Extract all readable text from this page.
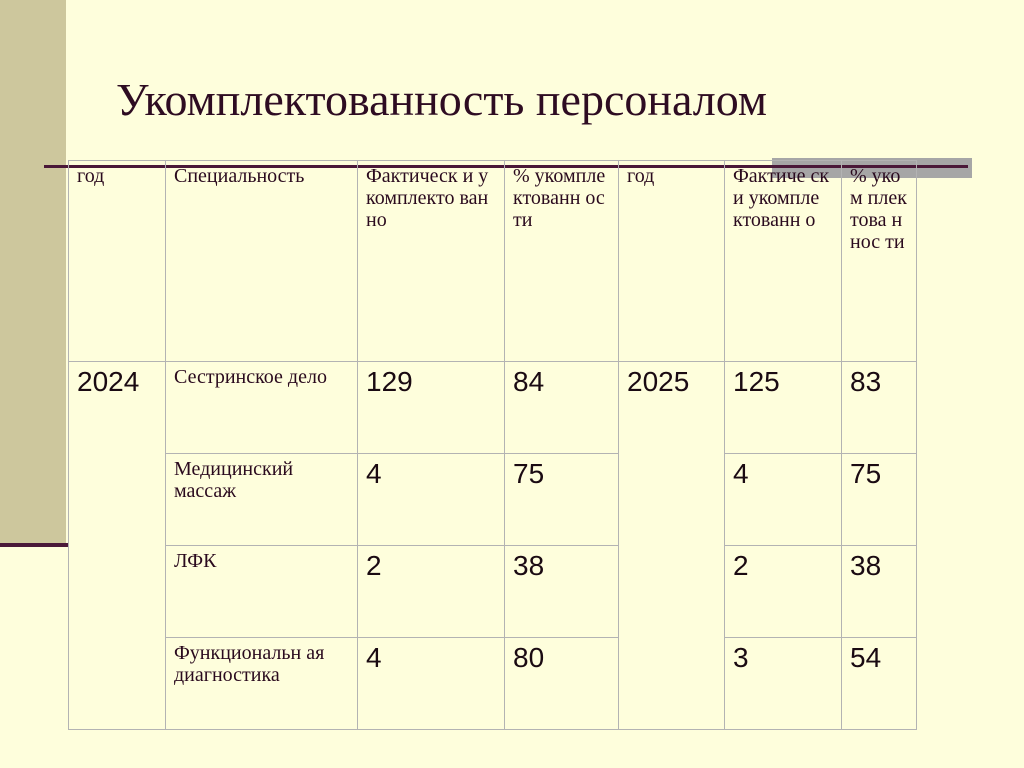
Укомплектованность персоналом
год	Специальность	Фактическ и укомплекто ванно	% укомпле ктованн ости	год	Фактиче ски укомпле ктованн о	% уком плек това ннос ти

2024	Сестринское дело	129	84	2025	125	83
	Медицинский массаж	4	75		4	75
	ЛФК	2	38		2	38
	Функциональн ая диагностика	4	80		3	54
